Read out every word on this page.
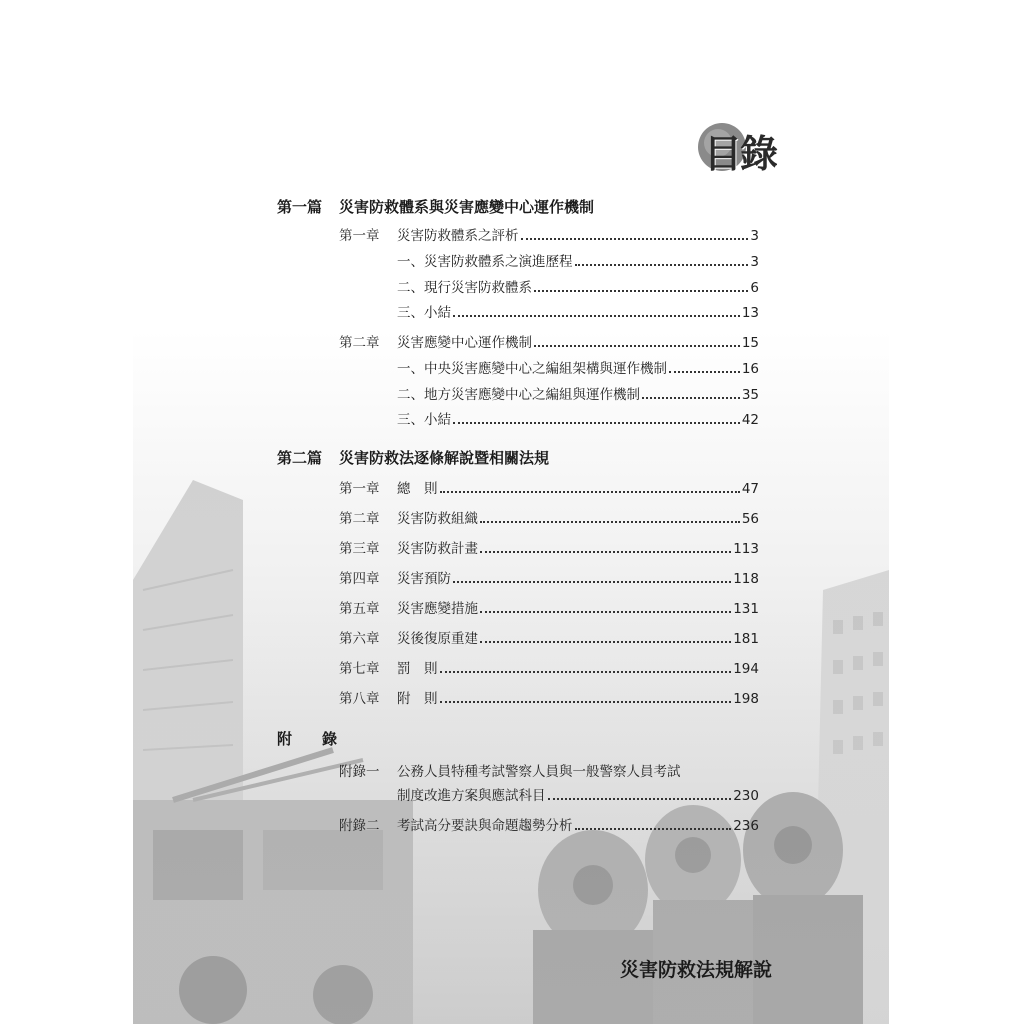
目錄
第一篇 災害防救體系與災害應變中心運作機制
第一章	災害防救體系之評析	3
一、災害防救體系之演進歷程	3
二、現行災害防救體系	6
三、小結	13
第二章	災害應變中心運作機制	15
一、中央災害應變中心之編組架構與運作機制	16
二、地方災害應變中心之編組與運作機制	35
三、小結	42
第二篇 災害防救法逐條解說暨相關法規
第一章	總　則	47
第二章	災害防救組織	56
第三章	災害防救計畫	113
第四章	災害預防	118
第五章	災害應變措施	131
第六章	災後復原重建	181
第七章	罰　則	194
第八章	附　則	198
附　　錄
附錄一 公務人員特種考試警察人員與一般警察人員考試
制度改進方案與應試科目	230
附錄二	考試高分要訣與命題趨勢分析	236
災害防救法規解說
